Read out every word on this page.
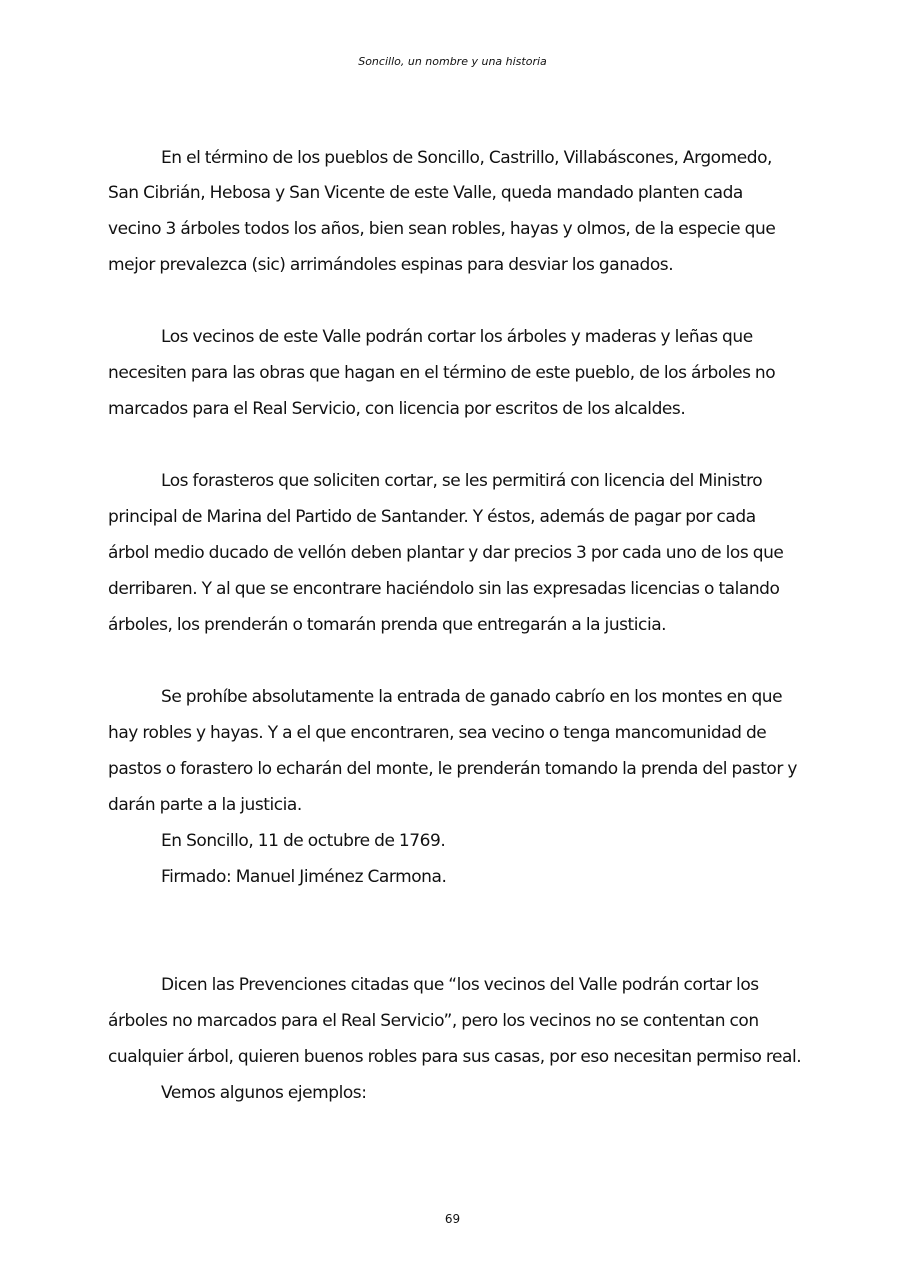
Soncillo, un nombre y una historia
En el término de los pueblos de Soncillo, Castrillo, Villabáscones, Argomedo,
San Cibrián, Hebosa y San Vicente de este Valle, queda mandado planten cada
vecino 3 árboles todos los años, bien sean robles, hayas y olmos, de la especie que
mejor prevalezca (sic) arrimándoles espinas para desviar los ganados.
Los vecinos de este Valle podrán cortar los árboles y maderas y leñas que
necesiten para las obras que hagan en el término de este pueblo, de los árboles no
marcados para el Real Servicio, con licencia por escritos de los alcaldes.
Los forasteros que soliciten cortar, se les permitirá con licencia del Ministro
principal de Marina del Partido de Santander. Y éstos, además de pagar por cada
árbol medio ducado de vellón deben plantar y dar precios 3 por cada uno de los que
derribaren. Y al que se encontrare haciéndolo sin las expresadas licencias o talando
árboles, los prenderán o tomarán prenda que entregarán a la justicia.
Se prohíbe absolutamente la entrada de ganado cabrío en los montes en que
hay robles y hayas. Y a el que encontraren, sea vecino o tenga mancomunidad de
pastos o forastero lo echarán del monte, le prenderán tomando la prenda del pastor y
darán parte a la justicia.
En Soncillo, 11 de octubre de 1769.
Firmado: Manuel Jiménez Carmona.
Dicen las Prevenciones citadas que “los vecinos del Valle podrán cortar los
árboles no marcados para el Real Servicio”, pero los vecinos no se contentan con
cualquier árbol, quieren buenos robles para sus casas, por eso necesitan permiso real.
Vemos algunos ejemplos:
69
